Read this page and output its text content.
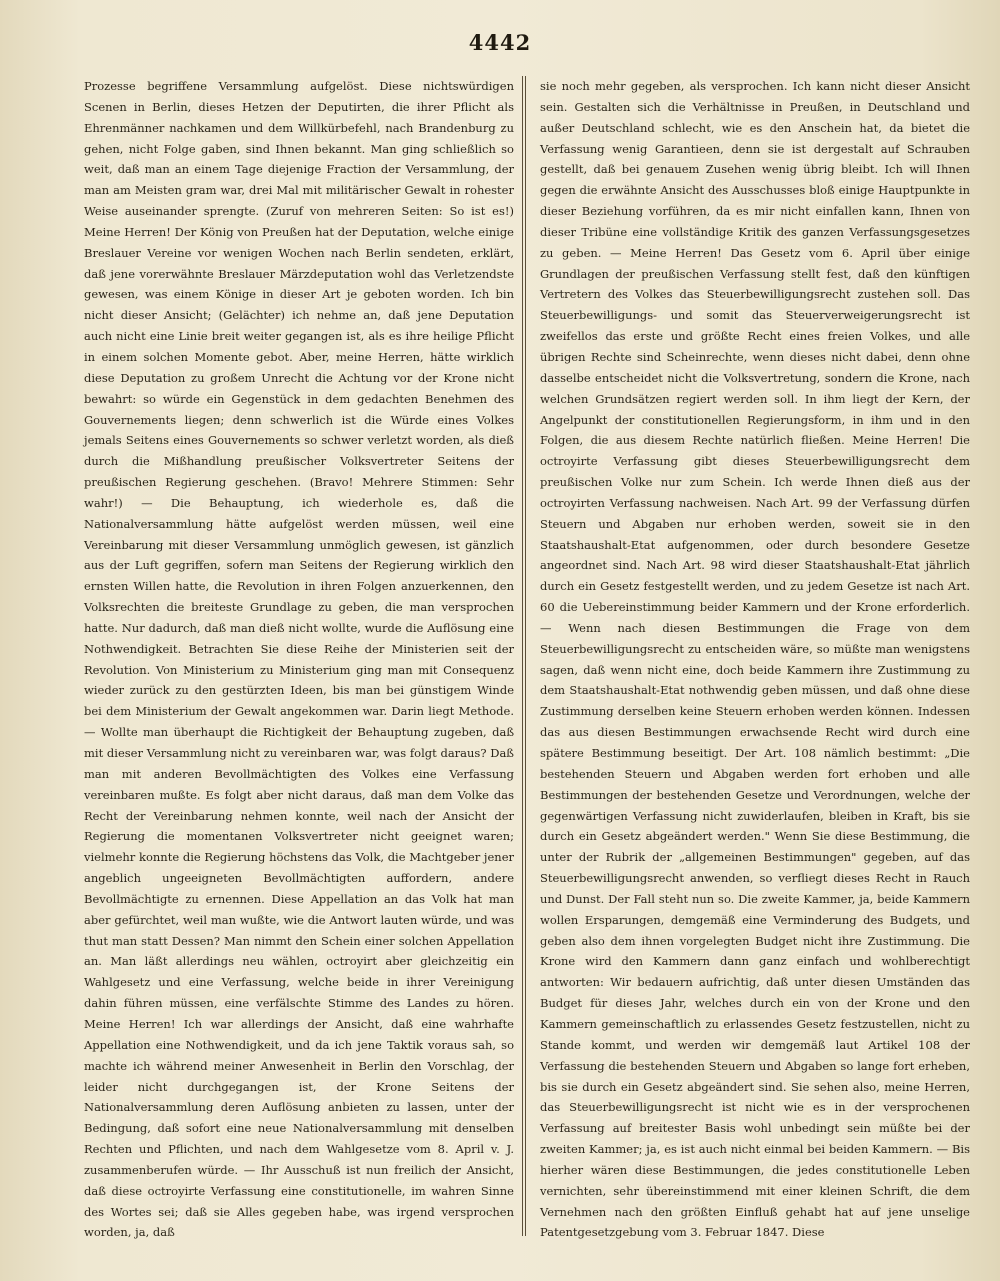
4442

Prozesse begriffene Versammlung aufgelöst. Diese nichtswürdigen Scenen in Berlin, dieses Hetzen der Deputirten, die ihrer Pflicht als Ehrenmänner nachkamen und dem Willkürbefehl, nach Brandenburg zu gehen, nicht Folge gaben, sind Ihnen bekannt. Man ging schließlich so weit, daß man an einem Tage diejenige Fraction der Versammlung, der man am Meisten gram war, drei Mal mit militärischer Gewalt in rohester Weise auseinander sprengte. (Zuruf von mehreren Seiten: So ist es!) Meine Herren! Der König von Preußen hat der Deputation, welche einige Breslauer Vereine vor wenigen Wochen nach Berlin sendeten, erklärt, daß jene vorerwähnte Breslauer Märzdeputation wohl das Verletzendste gewesen, was einem Könige in dieser Art je geboten worden. Ich bin nicht dieser Ansicht; (Gelächter) ich nehme an, daß jene Deputation auch nicht eine Linie breit weiter gegangen ist, als es ihre heilige Pflicht in einem solchen Momente gebot. Aber, meine Herren, hätte wirklich diese Deputation zu großem Unrecht die Achtung vor der Krone nicht bewahrt: so würde ein Gegenstück in dem gedachten Benehmen des Gouvernements liegen; denn schwerlich ist die Würde eines Volkes jemals Seitens eines Gouvernements so schwer verletzt worden, als dieß durch die Mißhandlung preußischer Volksvertreter Seitens der preußischen Regierung geschehen. (Bravo! Mehrere Stimmen: Sehr wahr!) — Die Behauptung, ich wiederhole es, daß die Nationalversammlung hätte aufgelöst werden müssen, weil eine Vereinbarung mit dieser Versammlung unmöglich gewesen, ist gänzlich aus der Luft gegriffen, sofern man Seitens der Regierung wirklich den ernsten Willen hatte, die Revolution in ihren Folgen anzuerkennen, den Volksrechten die breiteste Grundlage zu geben, die man versprochen hatte. Nur dadurch, daß man dieß nicht wollte, wurde die Auflösung eine Nothwendigkeit. Betrachten Sie diese Reihe der Ministerien seit der Revolution. Von Ministerium zu Ministerium ging man mit Consequenz wieder zurück zu den gestürzten Ideen, bis man bei günstigem Winde bei dem Ministerium der Gewalt angekommen war. Darin liegt Methode. — Wollte man überhaupt die Richtigkeit der Behauptung zugeben, daß mit dieser Versammlung nicht zu vereinbaren war, was folgt daraus? Daß man mit anderen Bevollmächtigten des Volkes eine Verfassung vereinbaren mußte. Es folgt aber nicht daraus, daß man dem Volke das Recht der Vereinbarung nehmen konnte, weil nach der Ansicht der Regierung die momentanen Volksvertreter nicht geeignet waren; vielmehr konnte die Regierung höchstens das Volk, die Machtgeber jener angeblich ungeeigneten Bevollmächtigten auffordern, andere Bevollmächtigte zu ernennen. Diese Appellation an das Volk hat man aber gefürchtet, weil man wußte, wie die Antwort lauten würde, und was thut man statt Dessen? Man nimmt den Schein einer solchen Appellation an. Man läßt allerdings neu wählen, octroyirt aber gleichzeitig ein Wahlgesetz und eine Verfassung, welche beide in ihrer Vereinigung dahin führen müssen, eine verfälschte Stimme des Landes zu hören. Meine Herren! Ich war allerdings der Ansicht, daß eine wahrhafte Appellation eine Nothwendigkeit, und da ich jene Taktik voraus sah, so machte ich während meiner Anwesenheit in Berlin den Vorschlag, der leider nicht durchgegangen ist, der Krone Seitens der Nationalversammlung deren Auflösung anbieten zu lassen, unter der Bedingung, daß sofort eine neue Nationalversammlung mit denselben Rechten und Pflichten, und nach dem Wahlgesetze vom 8. April v. J. zusammenberufen würde. — Ihr Ausschuß ist nun freilich der Ansicht, daß diese octroyirte Verfassung eine constitutionelle, im wahren Sinne des Wortes sei; daß sie Alles gegeben habe, was irgend versprochen worden, ja, daß

sie noch mehr gegeben, als versprochen. Ich kann nicht dieser Ansicht sein. Gestalten sich die Verhältnisse in Preußen, in Deutschland und außer Deutschland schlecht, wie es den Anschein hat, da bietet die Verfassung wenig Garantieen, denn sie ist dergestalt auf Schrauben gestellt, daß bei genauem Zusehen wenig übrig bleibt. Ich will Ihnen gegen die erwähnte Ansicht des Ausschusses bloß einige Hauptpunkte in dieser Beziehung vorführen, da es mir nicht einfallen kann, Ihnen von dieser Tribüne eine vollständige Kritik des ganzen Verfassungsgesetzes zu geben. — Meine Herren! Das Gesetz vom 6. April über einige Grundlagen der preußischen Verfassung stellt fest, daß den künftigen Vertretern des Volkes das Steuerbewilligungsrecht zustehen soll. Das Steuerbewilligungs- und somit das Steuerverweigerungsrecht ist zweifellos das erste und größte Recht eines freien Volkes, und alle übrigen Rechte sind Scheinrechte, wenn dieses nicht dabei, denn ohne dasselbe entscheidet nicht die Volksvertretung, sondern die Krone, nach welchen Grundsätzen regiert werden soll. In ihm liegt der Kern, der Angelpunkt der constitutionellen Regierungsform, in ihm und in den Folgen, die aus diesem Rechte natürlich fließen. Meine Herren! Die octroyirte Verfassung gibt dieses Steuerbewilligungsrecht dem preußischen Volke nur zum Schein. Ich werde Ihnen dieß aus der octroyirten Verfassung nachweisen. Nach Art. 99 der Verfassung dürfen Steuern und Abgaben nur erhoben werden, soweit sie in den Staatshaushalt-Etat aufgenommen, oder durch besondere Gesetze angeordnet sind. Nach Art. 98 wird dieser Staatshaushalt-Etat jährlich durch ein Gesetz festgestellt werden, und zu jedem Gesetze ist nach Art. 60 die Uebereinstimmung beider Kammern und der Krone erforderlich. — Wenn nach diesen Bestimmungen die Frage von dem Steuerbewilligungsrecht zu entscheiden wäre, so müßte man wenigstens sagen, daß wenn nicht eine, doch beide Kammern ihre Zustimmung zu dem Staatshaushalt-Etat nothwendig geben müssen, und daß ohne diese Zustimmung derselben keine Steuern erhoben werden können. Indessen das aus diesen Bestimmungen erwachsende Recht wird durch eine spätere Bestimmung beseitigt. Der Art. 108 nämlich bestimmt: „Die bestehenden Steuern und Abgaben werden fort erhoben und alle Bestimmungen der bestehenden Gesetze und Verordnungen, welche der gegenwärtigen Verfassung nicht zuwiderlaufen, bleiben in Kraft, bis sie durch ein Gesetz abgeändert werden." Wenn Sie diese Bestimmung, die unter der Rubrik der „allgemeinen Bestimmungen" gegeben, auf das Steuerbewilligungsrecht anwenden, so verfliegt dieses Recht in Rauch und Dunst. Der Fall steht nun so. Die zweite Kammer, ja, beide Kammern wollen Ersparungen, demgemäß eine Verminderung des Budgets, und geben also dem ihnen vorgelegten Budget nicht ihre Zustimmung. Die Krone wird den Kammern dann ganz einfach und wohlberechtigt antworten: Wir bedauern aufrichtig, daß unter diesen Umständen das Budget für dieses Jahr, welches durch ein von der Krone und den Kammern gemeinschaftlich zu erlassendes Gesetz festzustellen, nicht zu Stande kommt, und werden wir demgemäß laut Artikel 108 der Verfassung die bestehenden Steuern und Abgaben so lange fort erheben, bis sie durch ein Gesetz abgeändert sind. Sie sehen also, meine Herren, das Steuerbewilligungsrecht ist nicht wie es in der versprochenen Verfassung auf breitester Basis wohl unbedingt sein müßte bei der zweiten Kammer; ja, es ist auch nicht einmal bei beiden Kammern. — Bis hierher wären diese Bestimmungen, die jedes constitutionelle Leben vernichten, sehr übereinstimmend mit einer kleinen Schrift, die dem Vernehmen nach den größten Einfluß gehabt hat auf jene unselige Patentgesetzgebung vom 3. Februar 1847. Diese
